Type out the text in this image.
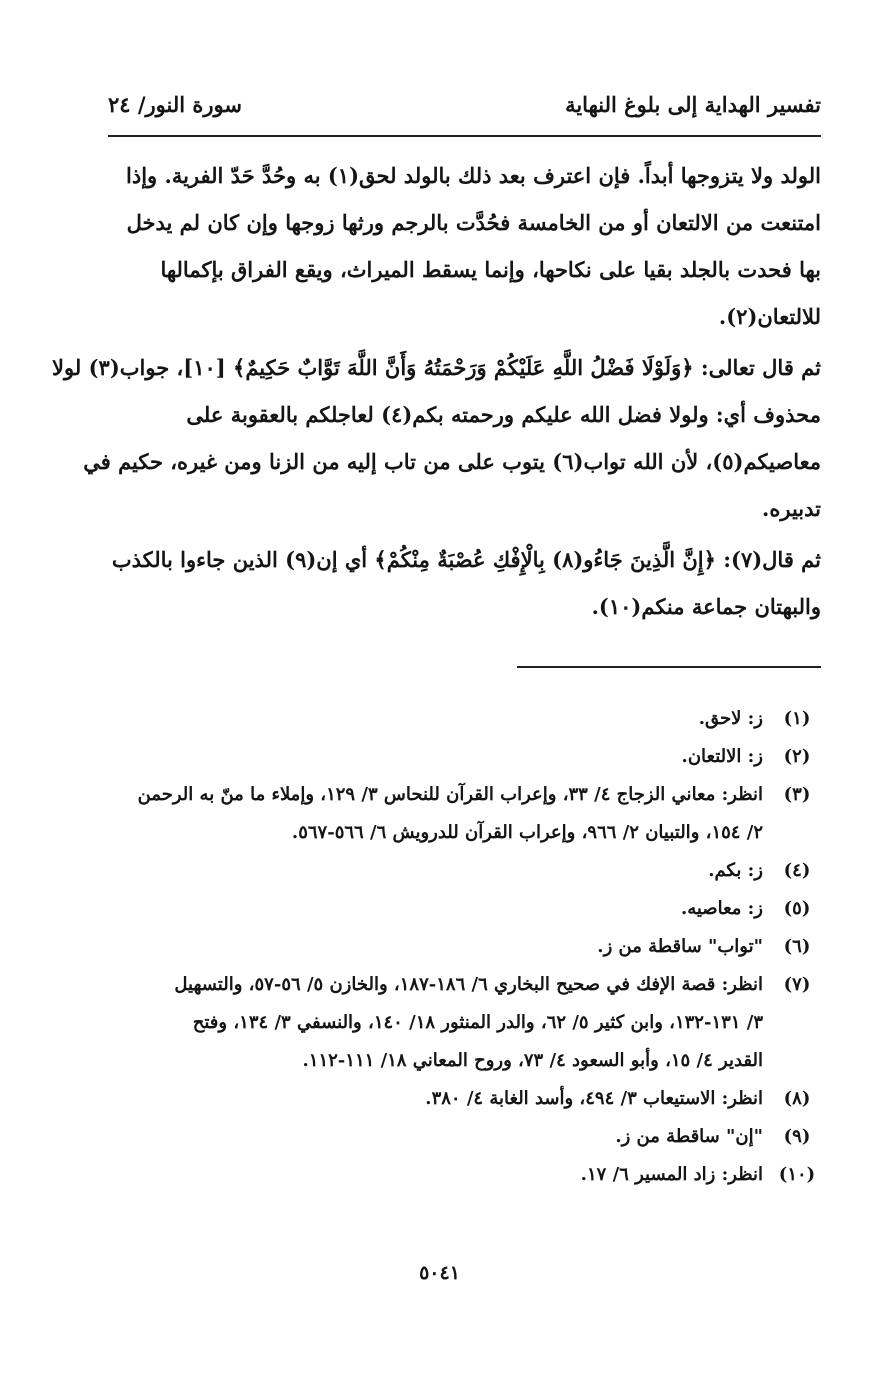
تفسير الهداية إلى بلوغ النهاية
سورة النور/ ٢٤
الولد ولا يتزوجها أبداً. فإن اعترف بعد ذلك بالولد لحق(١) به وحُدَّ حَدّ الفرية. وإذا
امتنعت من الالتعان أو من الخامسة فحُدَّت بالرجم ورثها زوجها وإن كان لم يدخل
بها فحدت بالجلد بقيا على نكاحها، وإنما يسقط الميراث، ويقع الفراق بإكمالها
للالتعان(٢).
ثم قال تعالى: ﴿وَلَوْلَا فَضْلُ اللَّهِ عَلَيْكُمْ وَرَحْمَتُهُ وَأَنَّ اللَّهَ تَوَّابٌ حَكِيمٌ﴾ [١٠]، جواب(٣) لولا
محذوف أي: ولولا فضل الله عليكم ورحمته بكم(٤) لعاجلكم بالعقوبة على
معاصيكم(٥)، لأن الله تواب(٦) يتوب على من تاب إليه من الزنا ومن غيره، حكيم في
تدبيره.
ثم قال(٧): ﴿إِنَّ الَّذِينَ جَاءُو(٨) بِالْإِفْكِ عُصْبَةٌ مِنْكُمْ﴾ أي إن(٩) الذين جاءوا بالكذب
والبهتان جماعة منكم(١٠).
(١)
ز: لاحق.
(٢)
ز: الالتعان.
(٣)
انظر: معاني الزجاج ٤/ ٣٣، وإعراب القرآن للنحاس ٣/ ١٢٩، وإملاء ما منّ به الرحمن
٢/ ١٥٤، والتبيان ٢/ ٩٦٦، وإعراب القرآن للدرويش ٦/ ٥٦٦-٥٦٧.
(٤)
ز: بكم.
(٥)
ز: معاصيه.
(٦)
"تواب" ساقطة من ز.
(٧)
انظر: قصة الإفك في صحيح البخاري ٦/ ١٨٦-١٨٧، والخازن ٥/ ٥٦-٥٧، والتسهيل
٣/ ١٣١-١٣٢، وابن كثير ٥/ ٦٢، والدر المنثور ١٨/ ١٤٠، والنسفي ٣/ ١٣٤، وفتح
القدير ٤/ ١٥، وأبو السعود ٤/ ٧٣، وروح المعاني ١٨/ ١١١-١١٢.
(٨)
انظر: الاستيعاب ٣/ ٤٩٤، وأسد الغابة ٤/ ٣٨٠.
(٩)
"إن" ساقطة من ز.
(١٠)
انظر: زاد المسير ٦/ ١٧.
٥٠٤١
